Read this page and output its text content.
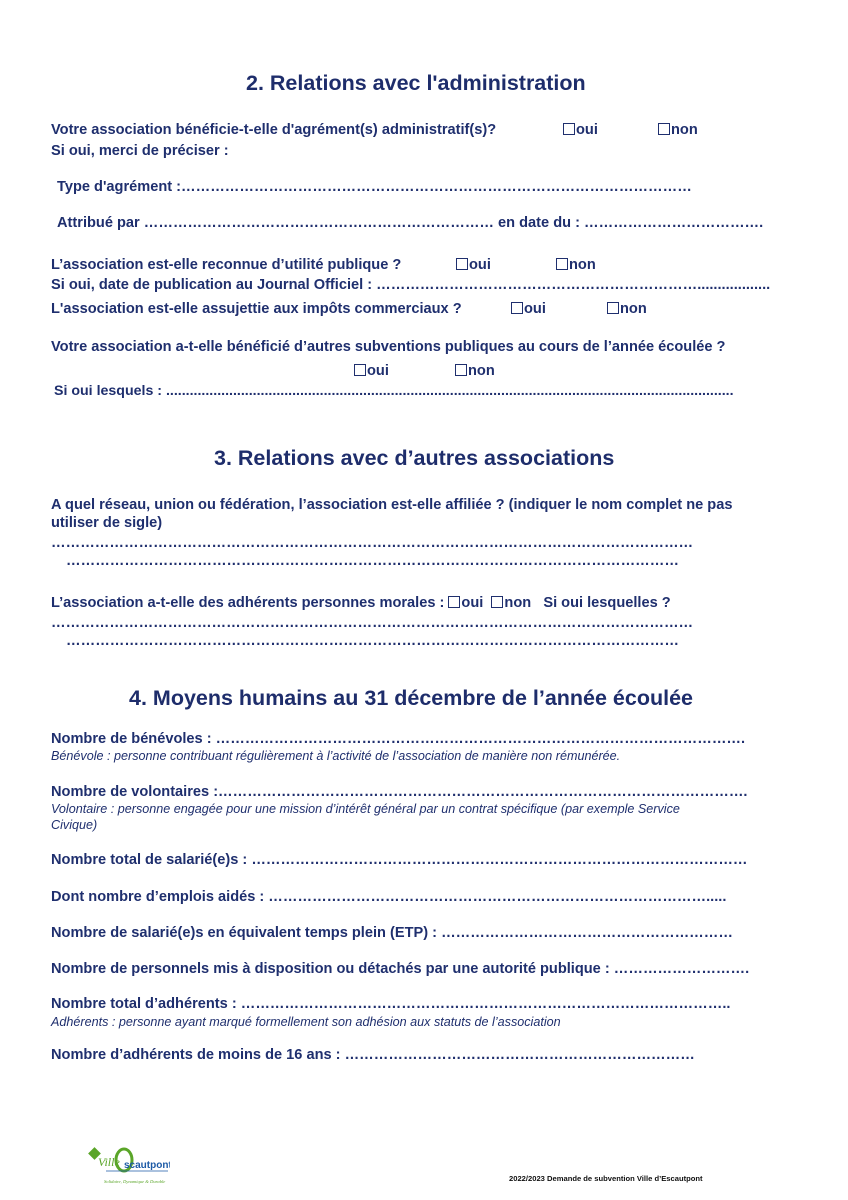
2. Relations avec l'administration
Votre association bénéficie-t-elle d'agrément(s) administratif(s)?	oui	non
Si oui, merci de préciser :
Type d'agrément :……………………………………………………………………………………………
Attribué par ……………………………………………………………… en date du : ……………………………….
L’association est-elle reconnue d’utilité publique ?	oui	non
Si oui, date de publication au Journal Officiel : …………………………………………………………..................
L'association est-elle assujettie aux impôts commerciaux ?	oui	non
Votre association a-t-elle bénéficié d’autres subventions publiques au cours de l’année écoulée ?
oui	non
Si oui lesquels : ................................................................................................................................................
3. Relations avec d’autres associations
A quel réseau, union ou fédération, l’association est-elle affiliée ? (indiquer le nom complet ne pas
utiliser de sigle)
……………………………………………………………………………………………………………………
………………………………………………………………………………………………………………
L’association a-t-elle des adhérents personnes morales : oui non Si oui lesquelles ?
……………………………………………………………………………………………………………………
………………………………………………………………………………………………………………
4. Moyens humains au 31 décembre de l’année écoulée
Nombre de bénévoles : ……………………………………………………………………………………………….
Bénévole : personne contribuant régulièrement à l’activité de l’association de manière non rémunérée.
Nombre de volontaires :……………………………………………………………………………………………….
Volontaire : personne engagée pour une mission d’intérêt général par un contrat spécifique (par exemple Service
Civique)
Nombre total de salarié(e)s : …………………………………………………………………………………………
Dont nombre d’emplois aidés : ……………………………………………………………………………….....
Nombre de salarié(e)s en équivalent temps plein (ETP) : ……………………………………………………
Nombre de personnels mis à disposition ou détachés par une autorité publique : ……………………….
Nombre total d’adhérents : ………………………………………………………………………………………..
Adhérents : personne ayant marqué formellement son adhésion aux statuts de l’association
Nombre d’adhérents de moins de 16 ans : ………………………………………………………………
Ville scautpont
Solidaire, Dynamique & Durable	2022/2023 Demande de subvention Ville d’Escautpont
